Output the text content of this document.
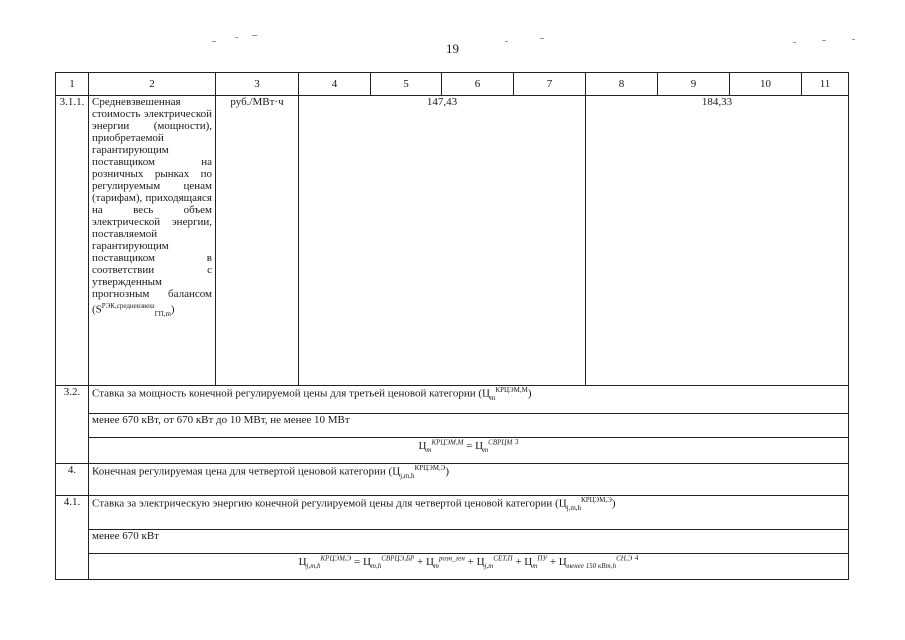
19
1	2	3	4	5	6	7	8	9	10	11
3.1.1.	Средневзвешенная стоимость электрической энергии (мощности), приобретаемой гарантирующим поставщиком на розничных рынках по регулируемым ценам (тарифам), приходящаяся на весь объем электрической энергии, поставляемой гарантирующим поставщиком в соответствии с утвержденным прогнозным балансом $(S^{РЭК,средневзвеш}_{ГП,m})$	руб./МВт·ч	147,43				184,33			
3.2.	Ставка за мощность конечной регулируемой цены для третьей ценовой категории $(Ц_m^{КРЦЭМ,М})$									
	менее 670 кВт, от 670 кВт до 10 МВт, не менее 10 МВт									
	$Ц_m^{КРЦЭМ,М} = Ц_m^{СВРЦМ}$ $^3$
4.	Конечная регулируемая цена для четвертой ценовой категории $(Ц_{j,m,h}^{КРЦЭМ,Э})$									
4.1.	Ставка за электрическую энергию конечной регулируемой цены для четвертой ценовой категории $(Ц_{j,m,h}^{КРЦЭМ,Э})$									
	менее 670 кВт									
	$Ц_{j,m,h}^{КРЦЭМ,Э} = Ц_{m,h}^{СВРЦЭ,БР} + Ц_m^{розн\_ген} + Ц_{j,m}^{СЕТ,П} + Ц_m^{ПУ} + Ц_{менее 150 кВт,h}^{СН,Э}$ $^4$
